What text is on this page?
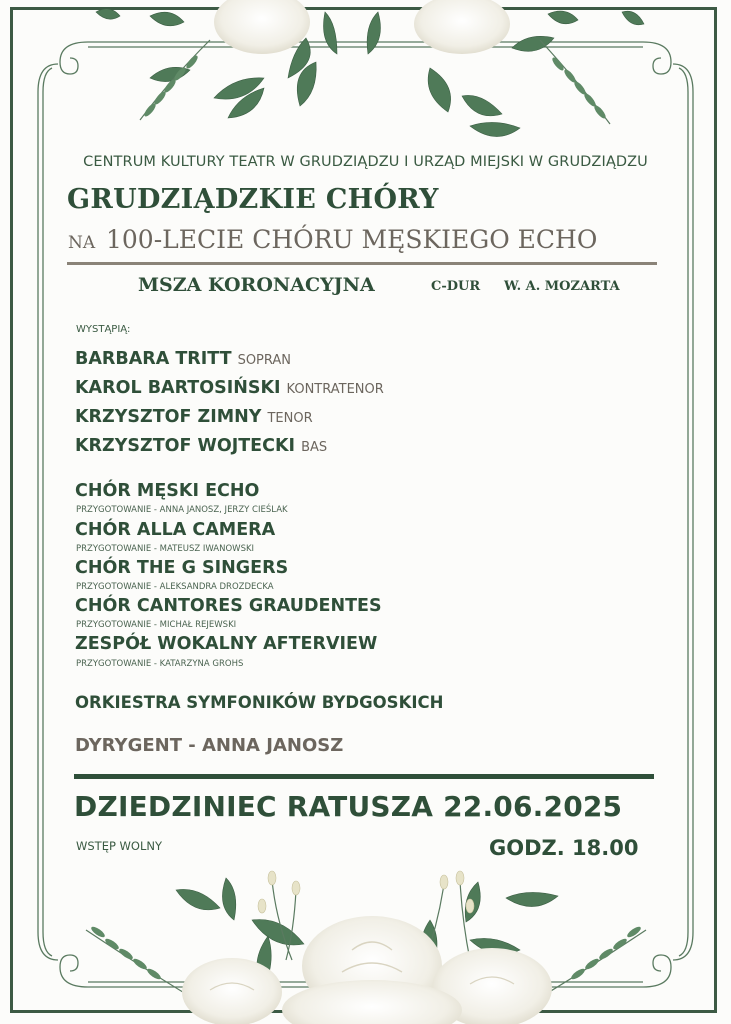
CENTRUM KULTURY TEATR W GRUDZIĄDZU I URZĄD MIEJSKI W GRUDZIĄDZU
GRUDZIĄDZKIE CHÓRY
NA 100-LECIE CHÓRU MĘSKIEGO ECHO
MSZA KORONACYJNA	C-DUR W. A. MOZARTA
WYSTĄPIĄ:
BARBARA TRITT SOPRAN
KAROL BARTOSIŃSKI KONTRATENOR
KRZYSZTOF ZIMNY TENOR
KRZYSZTOF WOJTECKI BAS
CHÓR MĘSKI ECHO
PRZYGOTOWANIE - ANNA JANOSZ, JERZY CIEŚLAK
CHÓR ALLA CAMERA
PRZYGOTOWANIE - MATEUSZ IWANOWSKI
CHÓR THE G SINGERS
PRZYGOTOWANIE - ALEKSANDRA DROZDECKA
CHÓR CANTORES GRAUDENTES
PRZYGOTOWANIE - MICHAŁ REJEWSKI
ZESPÓŁ WOKALNY AFTERVIEW
PRZYGOTOWANIE - KATARZYNA GROHS
ORKIESTRA SYMFONIKÓW BYDGOSKICH
DYRYGENT - ANNA JANOSZ
DZIEDZINIEC RATUSZA 22.06.2025
WSTĘP WOLNY	GODZ. 18.00
